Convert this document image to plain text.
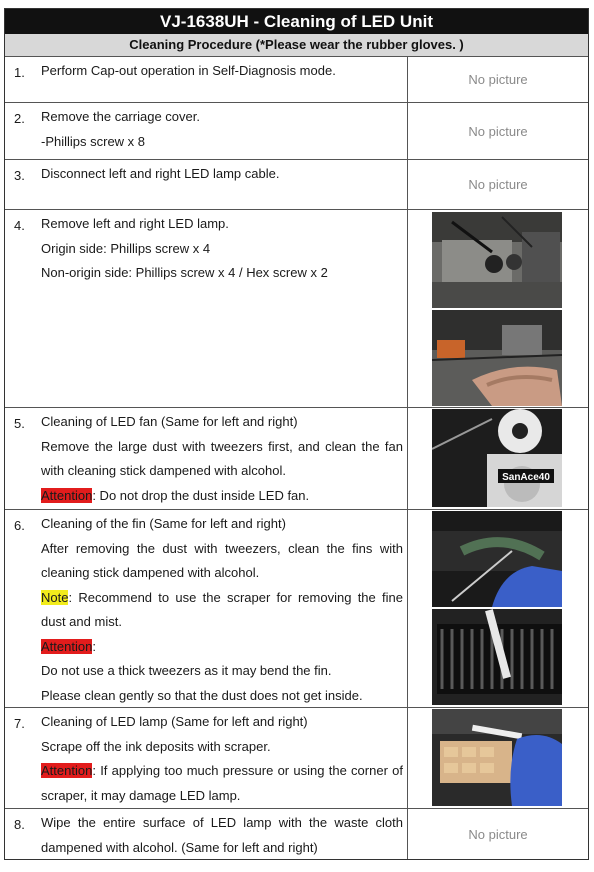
VJ-1638UH - Cleaning of LED Unit
Cleaning Procedure (*Please wear the rubber gloves. )
1.	Perform Cap-out operation in Self-Diagnosis mode.

No picture
2.	Remove the carriage cover.

-Phillips screw x 8

No picture
3.	Disconnect left and right LED lamp cable.

No picture
4.	Remove left and right LED lamp.

Origin side: Phillips screw x 4

Non-origin side: Phillips screw x 4 / Hex screw x 2

5.	Cleaning of LED fan (Same for left and right)

Remove the large dust with tweezers first, and clean the fan with cleaning stick dampened with alcohol.

Attention: Do not drop the dust inside LED fan.

SanAce40
6.	Cleaning of the fin (Same for left and right)

After removing the dust with tweezers, clean the fins with cleaning stick dampened with alcohol.

Note: Recommend to use the scraper for removing the fine dust and mist.

Attention:

Do not use a thick tweezers as it may bend the fin.

Please clean gently so that the dust does not get inside.

7.	Cleaning of LED lamp (Same for left and right)

Scrape off the ink deposits with scraper.

Attention: If applying too much pressure or using the corner of scraper, it may damage LED lamp.

8.	Wipe the entire surface of LED lamp with the waste cloth dampened with alcohol. (Same for left and right)

No picture
